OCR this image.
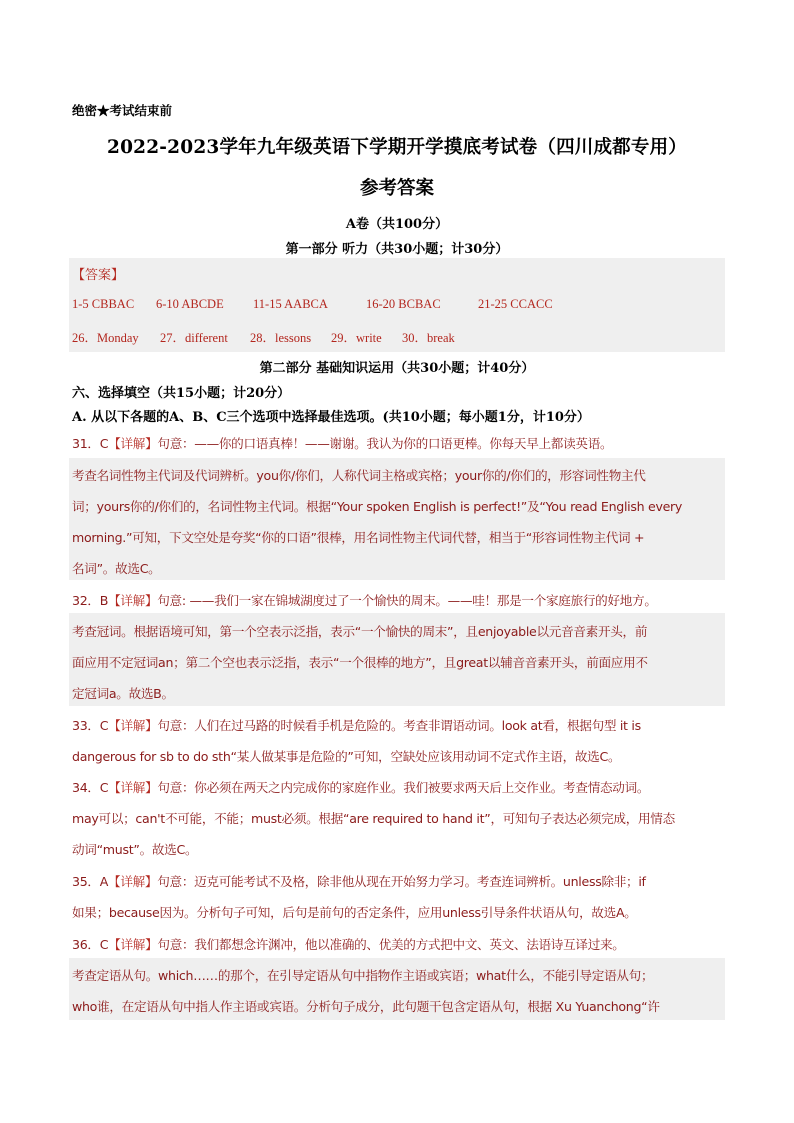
绝密★考试结束前
2022-2023学年九年级英语下学期开学摸底考试卷（四川成都专用）
参考答案
A卷（共100分）
第一部分 听力（共30小题；计30分）
【答案】
1-5 CBBAC 6-10 ABCDE 11-15 AABCA	16-20 BCBAC	21-25 CCACC
26．Monday 27．different 28．lessons 29．write 30．break
第二部分 基础知识运用（共30小题；计40分）
六、选择填空（共15小题；计20分）
A. 从以下各题的A、B、C三个选项中选择最佳选项。(共10小题；每小题1分，计10分）
31．C【详解】句意：——你的口语真棒！——谢谢。我认为你的口语更棒。你每天早上都读英语。
考查名词性物主代词及代词辨析。you你/你们，人称代词主格或宾格；your你的/你们的，形容词性物主代
词；yours你的/你们的，名词性物主代词。根据“Your spoken English is perfect!”及“You read English every
morning.”可知，下文空处是夸奖“你的口语”很棒，用名词性物主代词代替，相当于“形容词性物主代词 +
名词”。故选C。
32．B【详解】句意: ——我们一家在锦城湖度过了一个愉快的周末。——哇！那是一个家庭旅行的好地方。
考查冠词。根据语境可知，第一个空表示泛指，表示“一个愉快的周末”，且enjoyable以元音音素开头，前
面应用不定冠词an；第二个空也表示泛指，表示“一个很棒的地方”，且great以辅音音素开头，前面应用不
定冠词a。故选B。
33．C【详解】句意：人们在过马路的时候看手机是危险的。考查非谓语动词。look at看，根据句型 it is
dangerous for sb to do sth“某人做某事是危险的”可知，空缺处应该用动词不定式作主语，故选C。
34．C【详解】句意：你必须在两天之内完成你的家庭作业。我们被要求两天后上交作业。考查情态动词。
may可以；can't不可能，不能；must必须。根据“are required to hand it”，可知句子表达必须完成，用情态
动词“must”。故选C。
35．A【详解】句意：迈克可能考试不及格，除非他从现在开始努力学习。考查连词辨析。unless除非；if
如果；because因为。分析句子可知，后句是前句的否定条件，应用unless引导条件状语从句，故选A。
36．C【详解】句意：我们都想念许渊冲，他以准确的、优美的方式把中文、英文、法语诗互译过来。
考查定语从句。which……的那个，在引导定语从句中指物作主语或宾语；what什么，不能引导定语从句；
who谁，在定语从句中指人作主语或宾语。分析句子成分，此句题干包含定语从句，根据 Xu Yuanchong“许
